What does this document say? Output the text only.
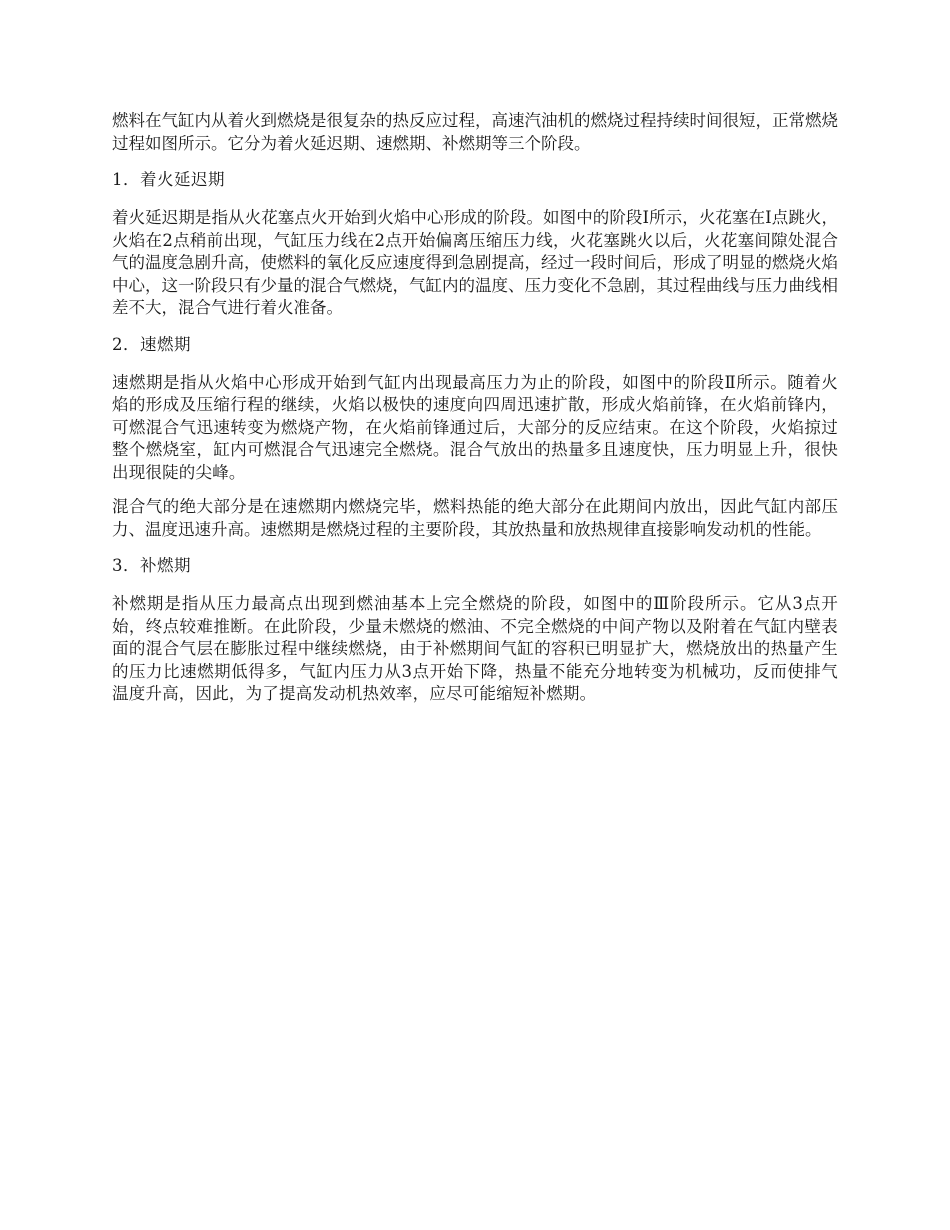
燃料在气缸内从着火到燃烧是很复杂的热反应过程，高速汽油机的燃烧过程持续时间很短，正常燃烧过程如图所示。它分为着火延迟期、速燃期、补燃期等三个阶段。

1．着火延迟期

着火延迟期是指从火花塞点火开始到火焰中心形成的阶段。如图中的阶段Ⅰ所示，火花塞在Ⅰ点跳火，火焰在2点稍前出现，气缸压力线在2点开始偏离压缩压力线，火花塞跳火以后，火花塞间隙处混合气的温度急剧升高，使燃料的氧化反应速度得到急剧提高，经过一段时间后，形成了明显的燃烧火焰中心，这一阶段只有少量的混合气燃烧，气缸内的温度、压力变化不急剧，其过程曲线与压力曲线相差不大，混合气进行着火准备。

2．速燃期

速燃期是指从火焰中心形成开始到气缸内出现最高压力为止的阶段，如图中的阶段Ⅱ所示。随着火焰的形成及压缩行程的继续，火焰以极快的速度向四周迅速扩散，形成火焰前锋，在火焰前锋内，可燃混合气迅速转变为燃烧产物，在火焰前锋通过后，大部分的反应结束。在这个阶段，火焰掠过整个燃烧室，缸内可燃混合气迅速完全燃烧。混合气放出的热量多且速度快，压力明显上升，很快出现很陡的尖峰。

混合气的绝大部分是在速燃期内燃烧完毕，燃料热能的绝大部分在此期间内放出，因此气缸内部压力、温度迅速升高。速燃期是燃烧过程的主要阶段，其放热量和放热规律直接影响发动机的性能。

3．补燃期

补燃期是指从压力最高点出现到燃油基本上完全燃烧的阶段，如图中的Ⅲ阶段所示。它从3点开始，终点较难推断。在此阶段，少量未燃烧的燃油、不完全燃烧的中间产物以及附着在气缸内壁表面的混合气层在膨胀过程中继续燃烧，由于补燃期间气缸的容积已明显扩大，燃烧放出的热量产生的压力比速燃期低得多，气缸内压力从3点开始下降，热量不能充分地转变为机械功，反而使排气温度升高，因此，为了提高发动机热效率，应尽可能缩短补燃期。
